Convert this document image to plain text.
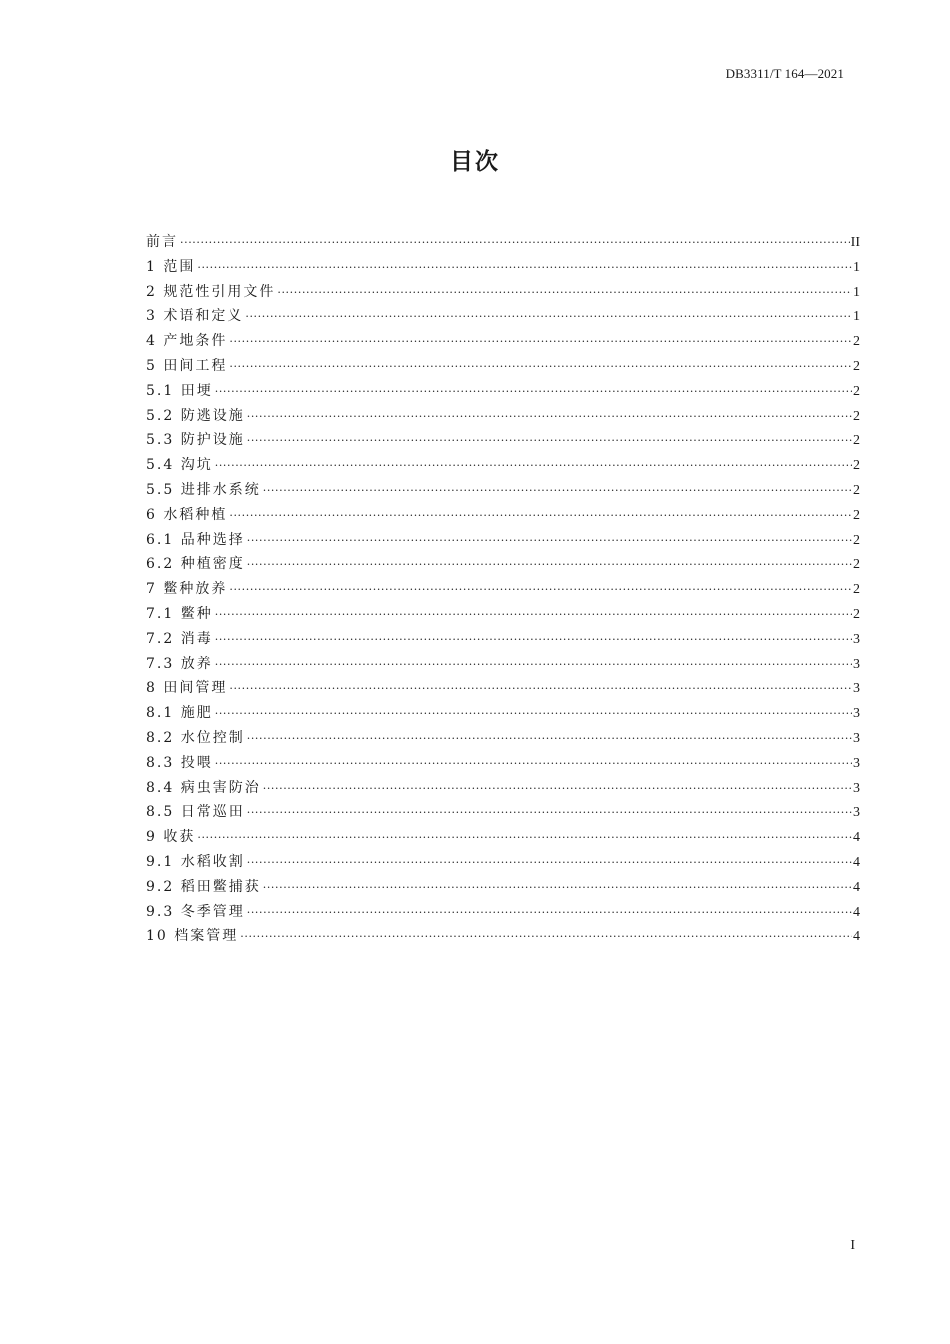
DB3311/T 164—2021
目次
前言 ·····	II
1 范围 ·····	1
2 规范性引用文件 ·····	1
3 术语和定义 ·····	1
4 产地条件 ·····	2
5 田间工程 ·····	2
5.1 田埂 ·····	2
5.2 防逃设施 ·····	2
5.3 防护设施 ·····	2
5.4 沟坑 ·····	2
5.5 进排水系统 ·····	2
6 水稻种植 ·····	2
6.1 品种选择 ·····	2
6.2 种植密度 ·····	2
7 鳖种放养 ·····	2
7.1 鳖种 ·····	2
7.2 消毒 ·····	3
7.3 放养 ·····	3
8 田间管理 ·····	3
8.1 施肥 ·····	3
8.2 水位控制 ·····	3
8.3 投喂 ·····	3
8.4 病虫害防治 ·····	3
8.5 日常巡田 ·····	3
9 收获 ·····	4
9.1 水稻收割 ·····	4
9.2 稻田鳖捕获 ·····	4
9.3 冬季管理 ·····	4
10 档案管理 ·····	4
I
